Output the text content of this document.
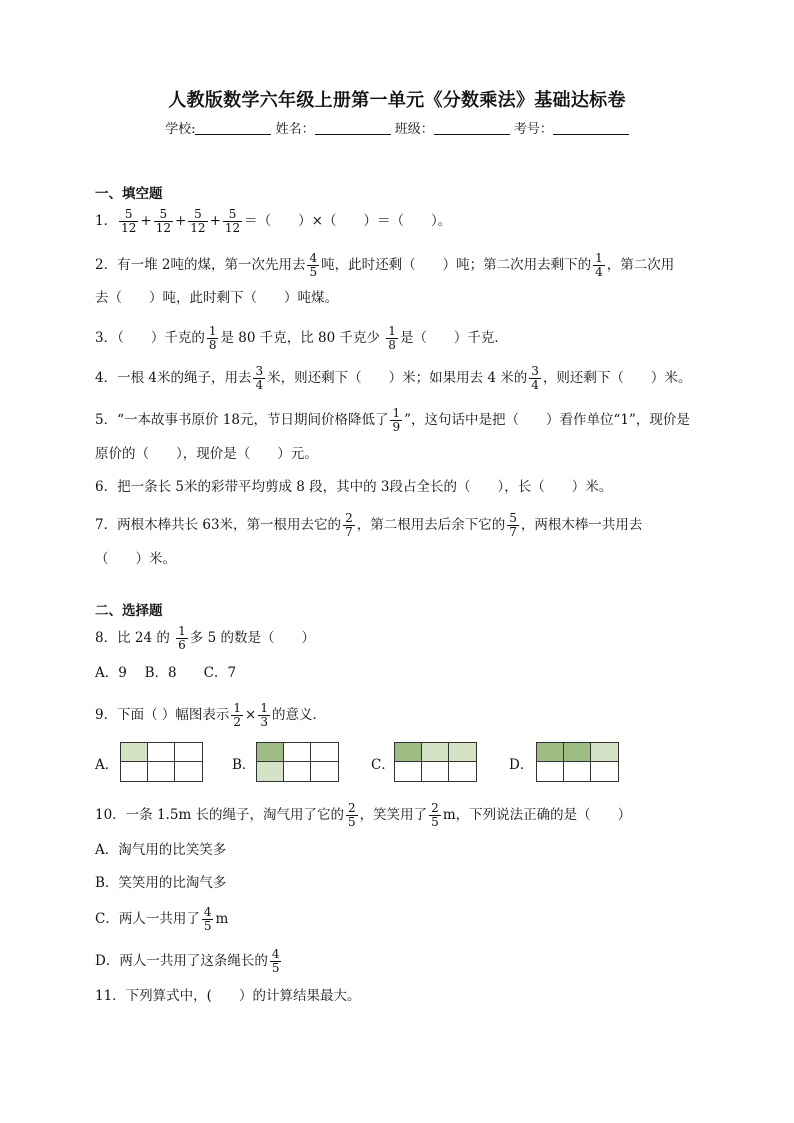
人教版数学六年级上册第一单元《分数乘法》基础达标卷
学校:	姓名：	班级：	考号：
一、填空题
1． $\frac{5}{12} + \frac{5}{12} + \frac{5}{12} + \frac{5}{12}$ ＝（　　）×（　　）＝（　　）。
2．有一堆 2吨的煤，第一次先用去 $\frac{4}{5}$ 吨，此时还剩（　　）吨；第二次用去剩下的 $\frac{1}{4}$ ，第二次用
去（　　）吨，此时剩下（　　）吨煤。
3．（　　）千克的 $\frac{1}{8}$ 是 80 千克，比 80 千克少 $\frac{1}{8}$ 是（　　）千克．
4．一根 4米的绳子，用去 $\frac{3}{4}$ 米，则还剩下（　　）米；如果用去 4 米的 $\frac{3}{4}$ ，则还剩下（　　）米。
5．“一本故事书原价 18元，节日期间价格降低了 $\frac{1}{9}$ ”，这句话中是把（　　）看作单位“1”，现价是
原价的（　　），现价是（　　）元。
6．把一条长 5米的彩带平均剪成 8 段，其中的 3段占全长的（　　），长（　　）米。
7．两根木棒共长 63米，第一根用去它的 $\frac{2}{7}$ ，第二根用去后余下它的 $\frac{5}{7}$ ，两根木棒一共用去
（　　）米。
二、选择题
8．比 24 的 $\frac{1}{6}$ 多 5 的数是（　　）
A．9　 B．8　　C．7
9．下面（ ）幅图表示 $\frac{1}{2} \times \frac{1}{3}$ 的意义．
A．	B．	C．	D．
10．一条 1.5m 长的绳子，淘气用了它的 $\frac{2}{5}$ ，笑笑用了 $\frac{2}{5}$ m，下列说法正确的是（　　）
A．淘气用的比笑笑多
B．笑笑用的比淘气多
C．两人一共用了 $\frac{4}{5}$ m
D．两人一共用了这条绳长的 $\frac{4}{5}$
11．下列算式中，(　　）的计算结果最大。
